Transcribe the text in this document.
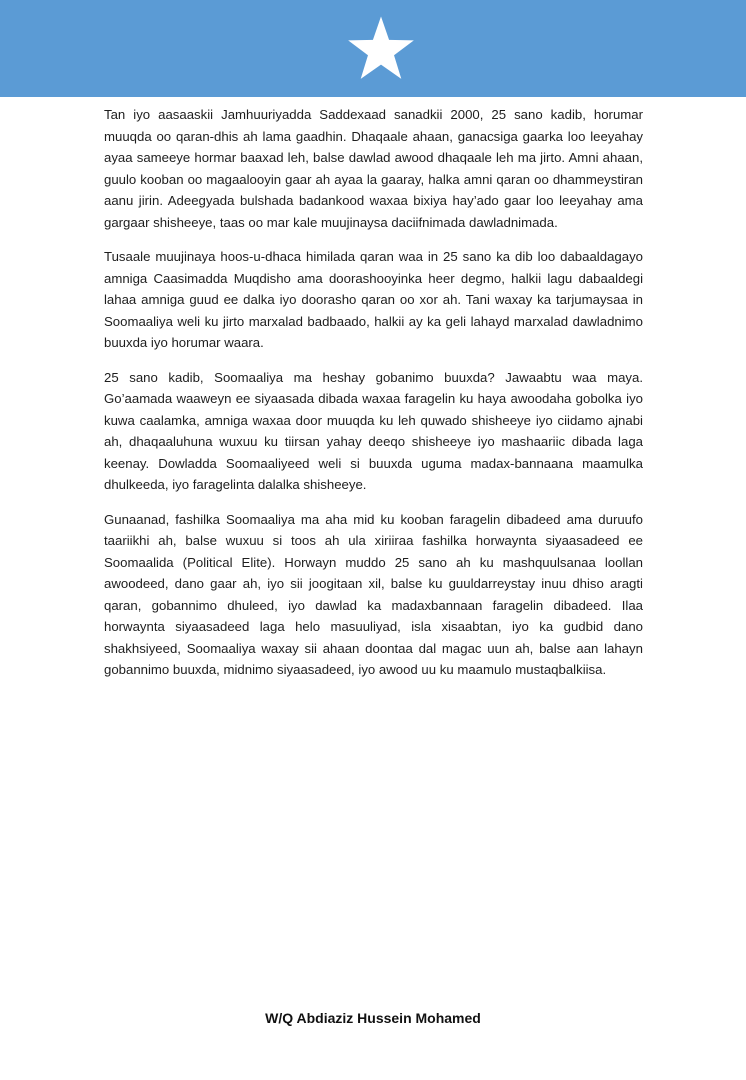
Tan iyo aasaaskii Jamhuuriyadda Saddexaad sanadkii 2000, 25 sano kadib, horumar muuqda oo qaran-dhis ah lama gaadhin. Dhaqaale ahaan, ganacsiga gaarka loo leeyahay ayaa sameeye hormar baaxad leh, balse dawlad awood dhaqaale leh ma jirto. Amni ahaan, guulo kooban oo magaalooyin gaar ah ayaa la gaaray, halka amni qaran oo dhammeystiran aanu jirin. Adeegyada bulshada badankood waxaa bixiya hay’ado gaar loo leeyahay ama gargaar shisheeye, taas oo mar kale muujinaysa daciifnimada dawladnimada.

Tusaale muujinaya hoos-u-dhaca himilada qaran waa in 25 sano ka dib loo dabaaldagayo amniga Caasimadda Muqdisho ama doorashooyinka heer degmo, halkii lagu dabaaldegi lahaa amniga guud ee dalka iyo doorasho qaran oo xor ah. Tani waxay ka tarjumaysaa in Soomaaliya weli ku jirto marxalad badbaado, halkii ay ka geli lahayd marxalad dawladnimo buuxda iyo horumar waara.

25 sano kadib, Soomaaliya ma heshay gobanimo buuxda? Jawaabtu waa maya. Go’aamada waaweyn ee siyaasada dibada waxaa faragelin ku haya awoodaha gobolka iyo kuwa caalamka, amniga waxaa door muuqda ku leh quwado shisheeye iyo ciidamo ajnabi ah, dhaqaaluhuna wuxuu ku tiirsan yahay deeqo shisheeye iyo mashaariic dibada laga keenay. Dowladda Soomaaliyeed weli si buuxda uguma madax-bannaana maamulka dhulkeeda, iyo faragelinta dalalka shisheeye.

Gunaanad, fashilka Soomaaliya ma aha mid ku kooban faragelin dibadeed ama duruufo taariikhi ah, balse wuxuu si toos ah ula xiriiraa fashilka horwaynta siyaasadeed ee Soomaalida (Political Elite). Horwayn muddo 25 sano ah ku mashquulsanaa loollan awoodeed, dano gaar ah, iyo sii joogitaan xil, balse ku guuldarreystay inuu dhiso aragti qaran, gobannimo dhuleed, iyo dawlad ka madaxbannaan faragelin dibadeed. Ilaa horwaynta siyaasadeed laga helo masuuliyad, isla xisaabtan, iyo ka gudbid dano shakhsiyeed, Soomaaliya waxay sii ahaan doontaa dal magac uun ah, balse aan lahayn gobannimo buuxda, midnimo siyaasadeed, iyo awood uu ku maamulo mustaqbalkiisa.

W/Q Abdiaziz Hussein Mohamed
